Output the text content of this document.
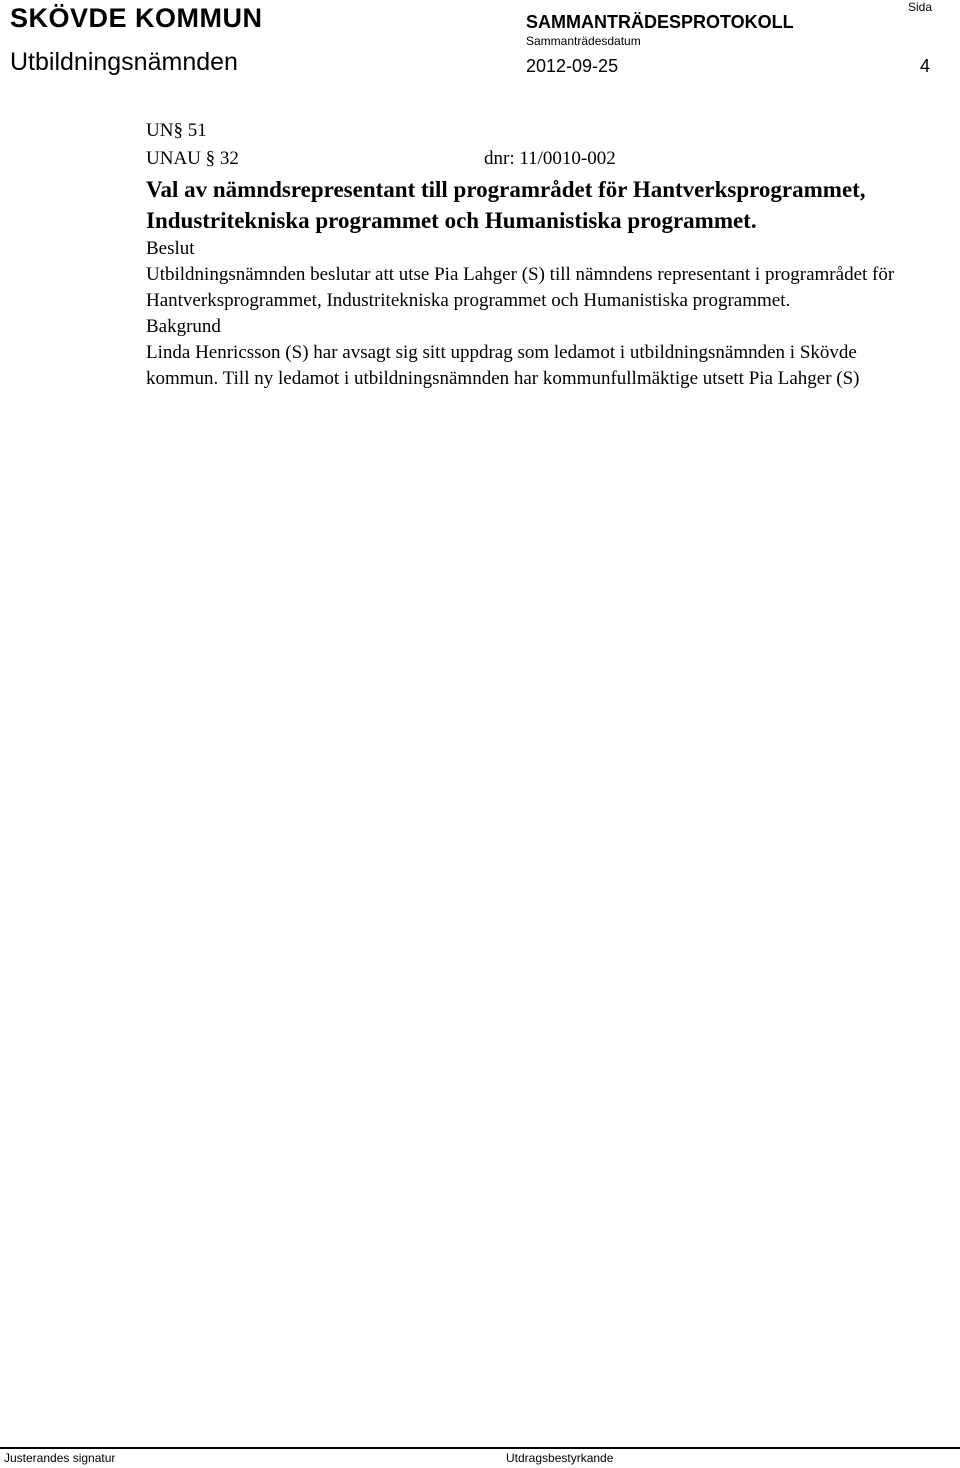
SKÖVDE KOMMUN
Utbildningsnämnden
SAMMANTRÄDESPROTOKOLL
Sammanträdesdatum
2012-09-25
Sida
4

UN§ 51

UNAU § 32	dnr: 11/0010-002

Val av nämndsrepresentant till programrådet för Hantverksprogrammet, Industritekniska programmet och Humanistiska programmet.

Beslut

Utbildningsnämnden beslutar att utse Pia Lahger (S) till nämndens representant i programrådet för Hantverksprogrammet, Industritekniska programmet och Humanistiska programmet.

Bakgrund

Linda Henricsson (S) har avsagt sig sitt uppdrag som ledamot i utbildningsnämnden i Skövde kommun. Till ny ledamot i utbildningsnämnden har kommunfullmäktige utsett Pia Lahger (S)

Justerandes signatur	Utdragsbestyrkande
